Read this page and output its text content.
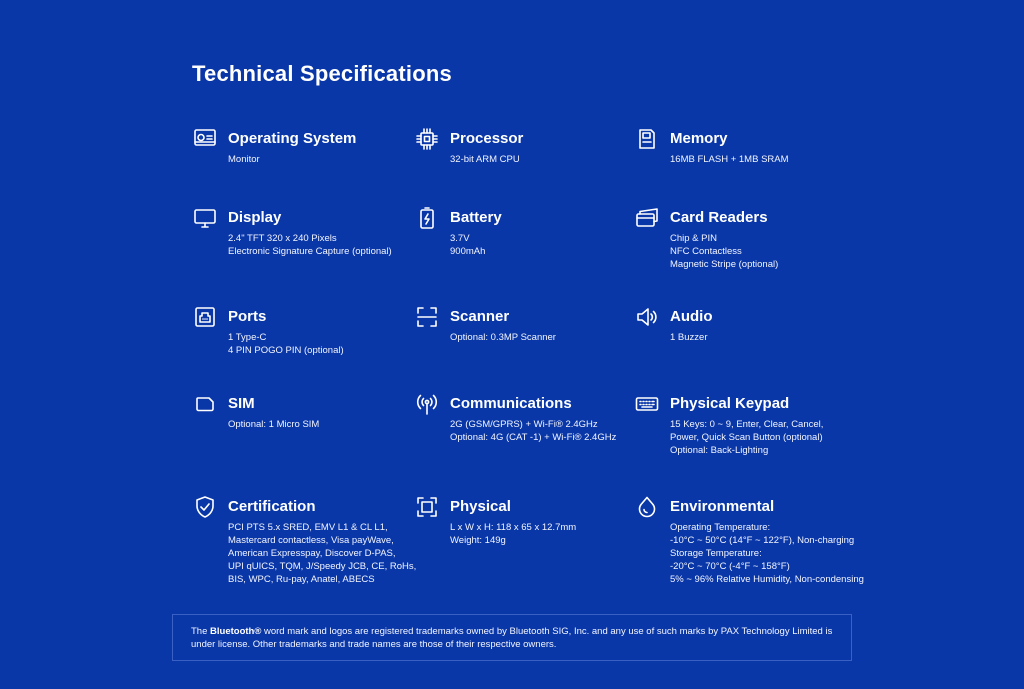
Technical Specifications
Operating System
Monitor
Processor
32-bit ARM CPU
Memory
16MB FLASH + 1MB SRAM
Display
2.4" TFT 320 x 240 Pixels
Electronic Signature Capture (optional)
Battery
3.7V
900mAh
Card Readers
Chip & PIN
NFC Contactless
Magnetic Stripe (optional)
Ports
1 Type-C
4 PIN POGO PIN (optional)
Scanner
Optional: 0.3MP Scanner
Audio
1 Buzzer
SIM
Optional: 1 Micro SIM
Communications
2G (GSM/GPRS) + Wi-Fi® 2.4GHz
Optional: 4G (CAT -1) + Wi-Fi® 2.4GHz
Physical Keypad
15 Keys: 0 ~ 9, Enter, Clear, Cancel,
Power, Quick Scan Button (optional)
Optional: Back-Lighting
Certification
PCI PTS 5.x SRED, EMV L1 & CL L1,
Mastercard contactless, Visa payWave,
American Expresspay, Discover D-PAS,
UPI qUICS, TQM, J/Speedy JCB, CE, RoHs,
BIS, WPC, Ru-pay, Anatel, ABECS
Physical
L x W x H: 118 x 65 x 12.7mm
Weight: 149g
Environmental
Operating Temperature:
-10°C ~ 50°C (14°F ~ 122°F), Non-charging
Storage Temperature:
-20°C ~ 70°C (-4°F ~ 158°F)
5% ~ 96% Relative Humidity, Non-condensing
The Bluetooth® word mark and logos are registered trademarks owned by Bluetooth SIG, Inc. and any use of such marks by PAX Technology Limited is
under license. Other trademarks and trade names are those of their respective owners.
